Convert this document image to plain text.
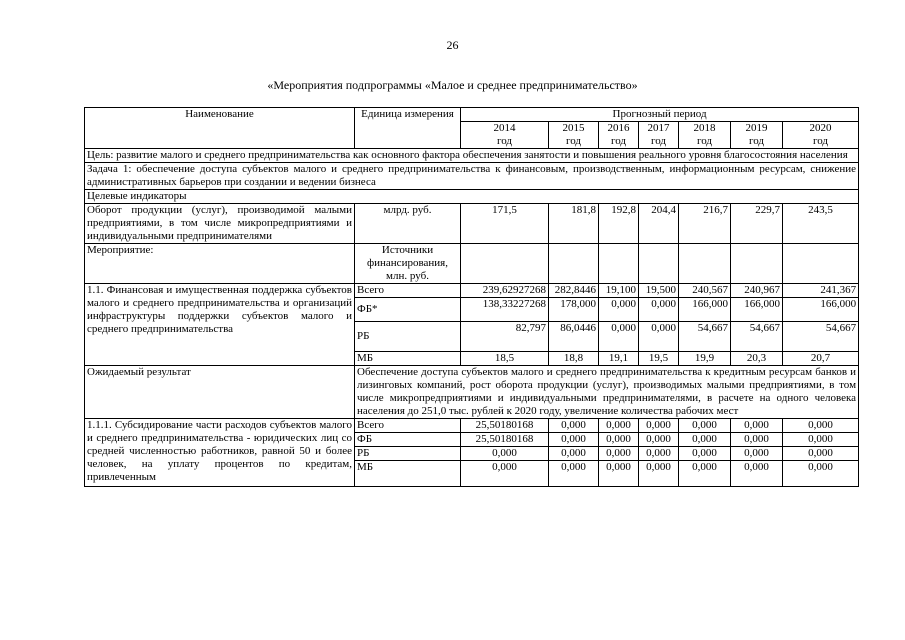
26
«Мероприятия подпрограммы «Малое и среднее предпринимательство»
Наименование	Единица измерения	Прогнозный период						
		2014	2015	2016	2017	2018	2019	2020
		год	год	год	год	год	год	год
Цель: развитие малого и среднего предпринимательства как основного фактора обеспечения занятости и повышения реального уровня благосостояния населения								
Задача 1: обеспечение доступа субъектов малого и среднего предпринимательства к финансовым, производственным, информационным ресурсам, снижение административных барьеров при создании и ведении бизнеса								
Целевые индикаторы								
Оборот продукции (услуг), производимой малыми предприятиями, в том числе микропредприятиями и индивидуальными предпринимателями	млрд. руб.	171,5	181,8	192,8	204,4	216,7	229,7	243,5
Мероприятие:	Источники финансирования, млн. руб.							
1.1. Финансовая и имущественная поддержка субъектов малого и среднего предпринимательства и организаций инфраструктуры поддержки субъектов малого и среднего предпринимательства	Всего	239,62927268	282,8446	19,100	19,500	240,567	240,967	241,367
	ФБ*	138,33227268	178,000	0,000	0,000	166,000	166,000	166,000
	РБ	82,797	86,0446	0,000	0,000	54,667	54,667	54,667
	МБ	18,5	18,8	19,1	19,5	19,9	20,3	20,7
Ожидаемый результат	Обеспечение доступа субъектов малого и среднего предпринимательства к кредитным ресурсам банков и лизинговых компаний, рост оборота продукции (услуг), производимых малыми предприятиями, в том числе микропредприятиями и индивидуальными предпринимателями, в расчете на одного человека населения до 251,0 тыс. рублей к 2020 году, увеличение количества рабочих мест							
1.1.1. Субсидирование части расходов субъектов малого и среднего предпринимательства - юридических лиц со средней численностью работников, равной 50 и более человек, на уплату процентов по кредитам, привлеченным	Всего	25,50180168	0,000	0,000	0,000	0,000	0,000	0,000
	ФБ	25,50180168	0,000	0,000	0,000	0,000	0,000	0,000
	РБ	0,000	0,000	0,000	0,000	0,000	0,000	0,000
	МБ	0,000	0,000	0,000	0,000	0,000	0,000	0,000
